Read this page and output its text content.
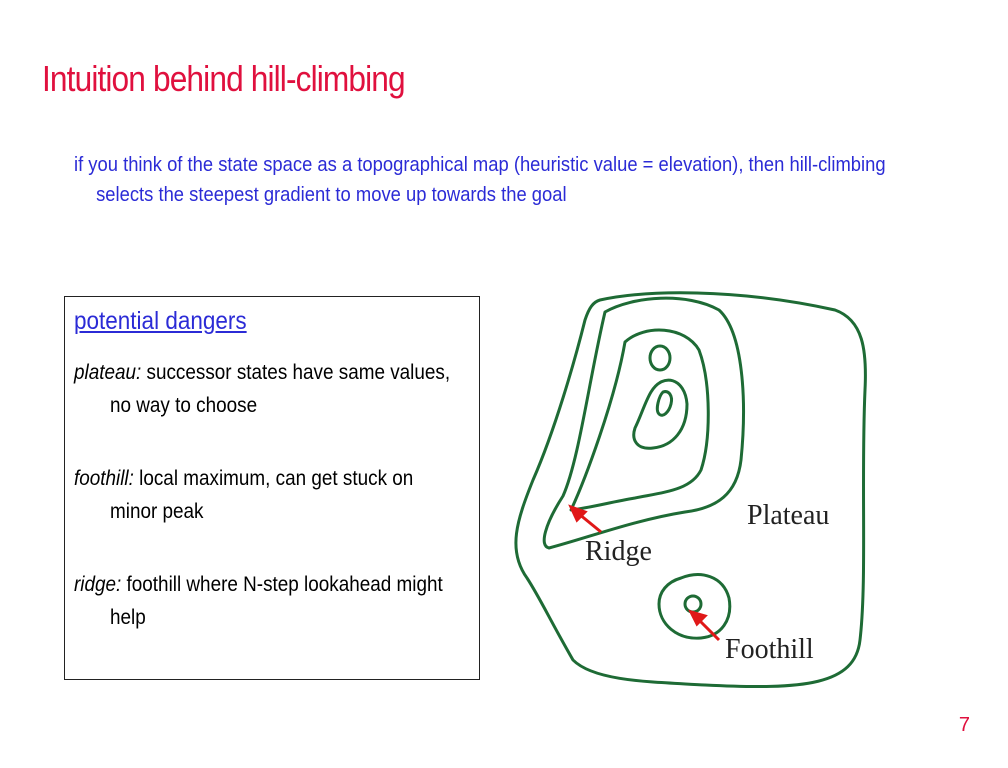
Intuition behind hill-climbing
if you think of the state space as a topographical map (heuristic value = elevation), then hill-climbing selects the steepest gradient to move up towards the goal
potential dangers
plateau: successor states have same values, no way to choose
foothill: local maximum, can get stuck on minor peak
ridge: foothill where N-step lookahead might help
Plateau
Ridge
Foothill
7
